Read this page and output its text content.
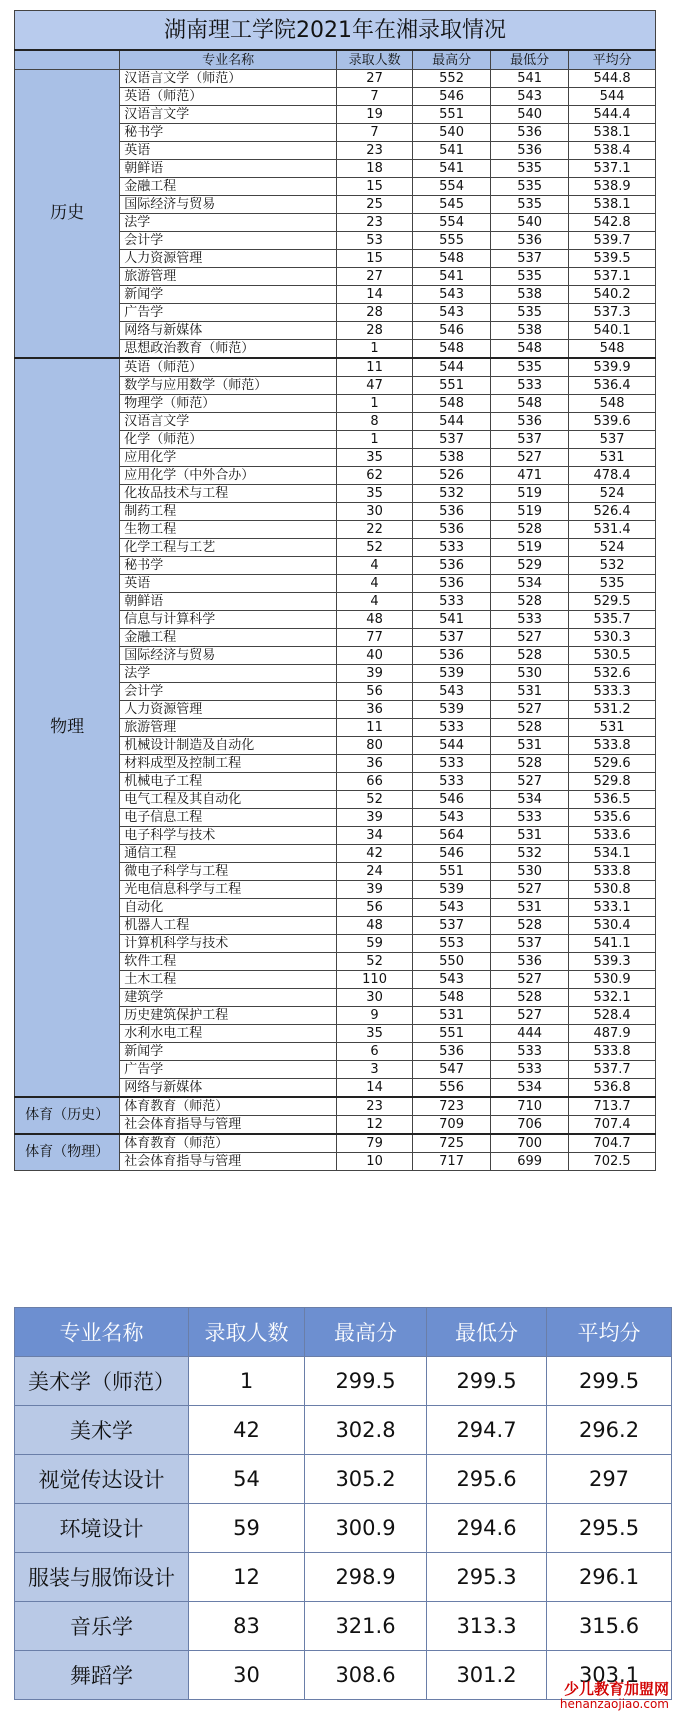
湖南理工学院2021年在湘录取情况					
	专业名称	录取人数	最高分	最低分	平均分
历史	汉语言文学（师范）	27	552	541	544.8
	英语（师范）	7	546	543	544
	汉语言文学	19	551	540	544.4
	秘书学	7	540	536	538.1
	英语	23	541	536	538.4
	朝鲜语	18	541	535	537.1
	金融工程	15	554	535	538.9
	国际经济与贸易	25	545	535	538.1
	法学	23	554	540	542.8
	会计学	53	555	536	539.7
	人力资源管理	15	548	537	539.5
	旅游管理	27	541	535	537.1
	新闻学	14	543	538	540.2
	广告学	28	543	535	537.3
	网络与新媒体	28	546	538	540.1
	思想政治教育（师范）	1	548	548	548
物理	英语（师范）	11	544	535	539.9
	数学与应用数学（师范）	47	551	533	536.4
	物理学（师范）	1	548	548	548
	汉语言文学	8	544	536	539.6
	化学（师范）	1	537	537	537
	应用化学	35	538	527	531
	应用化学（中外合办）	62	526	471	478.4
	化妆品技术与工程	35	532	519	524
	制药工程	30	536	519	526.4
	生物工程	22	536	528	531.4
	化学工程与工艺	52	533	519	524
	秘书学	4	536	529	532
	英语	4	536	534	535
	朝鲜语	4	533	528	529.5
	信息与计算科学	48	541	533	535.7
	金融工程	77	537	527	530.3
	国际经济与贸易	40	536	528	530.5
	法学	39	539	530	532.6
	会计学	56	543	531	533.3
	人力资源管理	36	539	527	531.2
	旅游管理	11	533	528	531
	机械设计制造及自动化	80	544	531	533.8
	材料成型及控制工程	36	533	528	529.6
	机械电子工程	66	533	527	529.8
	电气工程及其自动化	52	546	534	536.5
	电子信息工程	39	543	533	535.6
	电子科学与技术	34	564	531	533.6
	通信工程	42	546	532	534.1
	微电子科学与工程	24	551	530	533.8
	光电信息科学与工程	39	539	527	530.8
	自动化	56	543	531	533.1
	机器人工程	48	537	528	530.4
	计算机科学与技术	59	553	537	541.1
	软件工程	52	550	536	539.3
	土木工程	110	543	527	530.9
	建筑学	30	548	528	532.1
	历史建筑保护工程	9	531	527	528.4
	水利水电工程	35	551	444	487.9
	新闻学	6	536	533	533.8
	广告学	3	547	533	537.7
	网络与新媒体	14	556	534	536.8
体育（历史）	体育教育（师范）	23	723	710	713.7
	社会体育指导与管理	12	709	706	707.4
体育（物理）	体育教育（师范）	79	725	700	704.7
	社会体育指导与管理	10	717	699	702.5
专业名称	录取人数	最高分	最低分	平均分
美术学（师范）	1	299.5	299.5	299.5
美术学	42	302.8	294.7	296.2
视觉传达设计	54	305.2	295.6	297
环境设计	59	300.9	294.6	295.5
服装与服饰设计	12	298.9	295.3	296.1
音乐学	83	321.6	313.3	315.6
舞蹈学	30	308.6	301.2	303.1
少儿教育加盟网
henanzaojiao.com
